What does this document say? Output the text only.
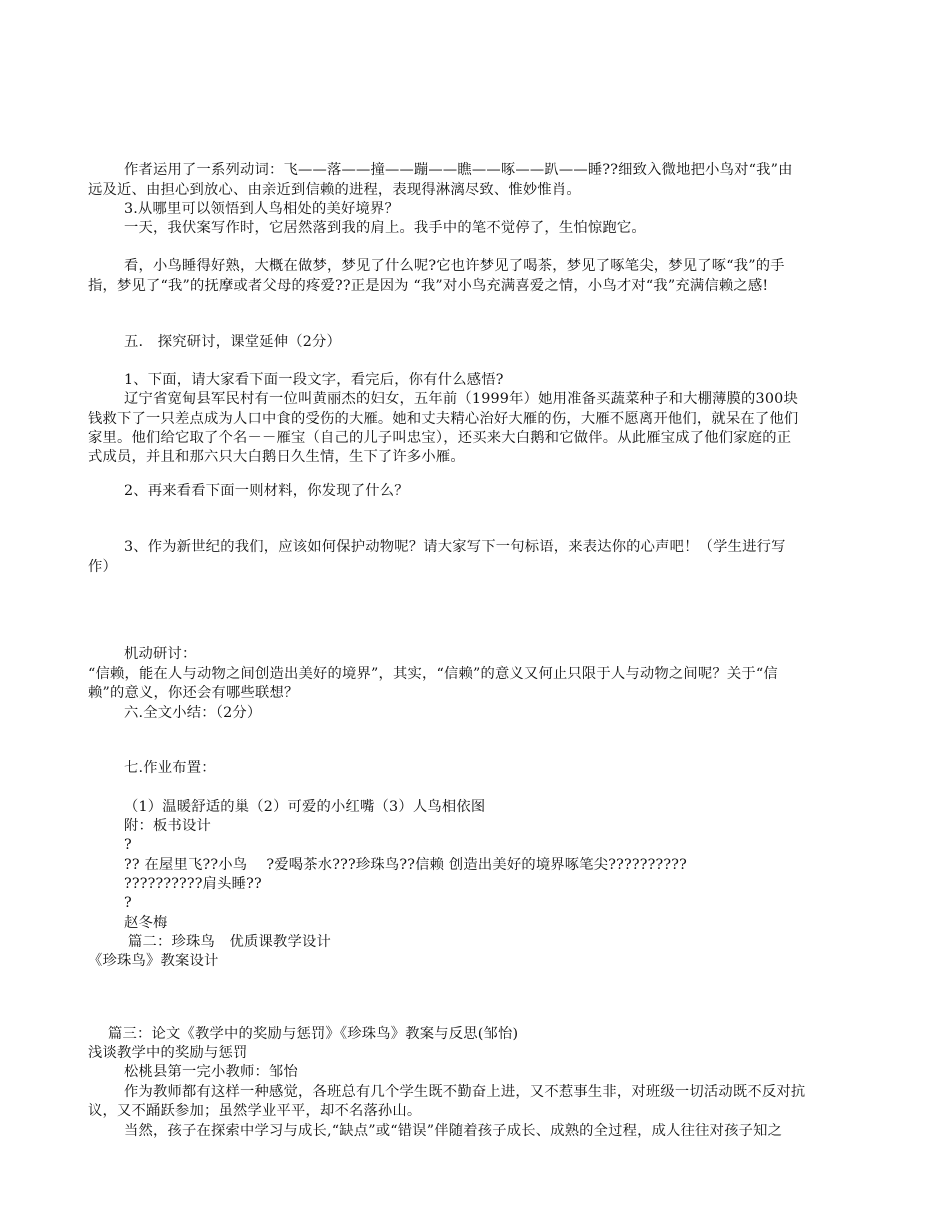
作者运用了一系列动词：飞——落——撞——蹦——瞧——啄——趴——睡??细致入微地把小鸟对“我”由
远及近、由担心到放心、由亲近到信赖的进程，表现得淋漓尽致、惟妙惟肖。
3.从哪里可以领悟到人鸟相处的美好境界？
一天，我伏案写作时，它居然落到我的肩上。我手中的笔不觉停了，生怕惊跑它。
看，小鸟睡得好熟，大概在做梦，梦见了什么呢?它也许梦见了喝茶，梦见了啄笔尖，梦见了啄“我”的手
指，梦见了“我”的抚摩或者父母的疼爱??正是因为 “我”对小鸟充满喜爱之情，小鸟才对“我”充满信赖之感!
五.　探究研讨，课堂延伸（2分）
1、下面，请大家看下面一段文字，看完后，你有什么感悟?
辽宁省宽甸县军民村有一位叫黄丽杰的妇女，五年前（1999年）她用准备买蔬菜种子和大棚薄膜的300块
钱救下了一只差点成为人口中食的受伤的大雁。她和丈夫精心治好大雁的伤，大雁不愿离开他们，就呆在了他们
家里。他们给它取了个名－－雁宝（自己的儿子叫忠宝），还买来大白鹅和它做伴。从此雁宝成了他们家庭的正
式成员，并且和那六只大白鹅日久生情，生下了许多小雁。
2、再来看看下面一则材料，你发现了什么？
3、作为新世纪的我们，应该如何保护动物呢？请大家写下一句标语，来表达你的心声吧！（学生进行写
作）
机动研讨：
“信赖，能在人与动物之间创造出美好的境界”，其实，“信赖”的意义又何止只限于人与动物之间呢？关于“信
赖”的意义，你还会有哪些联想？
六.全文小结：（2分）
七.作业布置：
（1）温暖舒适的巢（2）可爱的小红嘴（3）人鸟相依图
附：板书设计
?
?? 在屋里飞??小鸟　 ?爱喝茶水???珍珠鸟??信赖 创造出美好的境界啄笔尖??????????
??????????肩头睡??
?
赵冬梅
篇二：珍珠鸟　优质课教学设计
《珍珠鸟》教案设计
篇三：论文《教学中的奖励与惩罚》《珍珠鸟》教案与反思(邹怡)
浅谈教学中的奖励与惩罚
松桃县第一完小教师：邹怡
作为教师都有这样一种感觉，各班总有几个学生既不勤奋上进，又不惹事生非，对班级一切活动既不反对抗
议，又不踊跃参加；虽然学业平平，却不名落孙山。
当然，孩子在探索中学习与成长,“缺点”或“错误”伴随着孩子成长、成熟的全过程，成人往往对孩子知之
